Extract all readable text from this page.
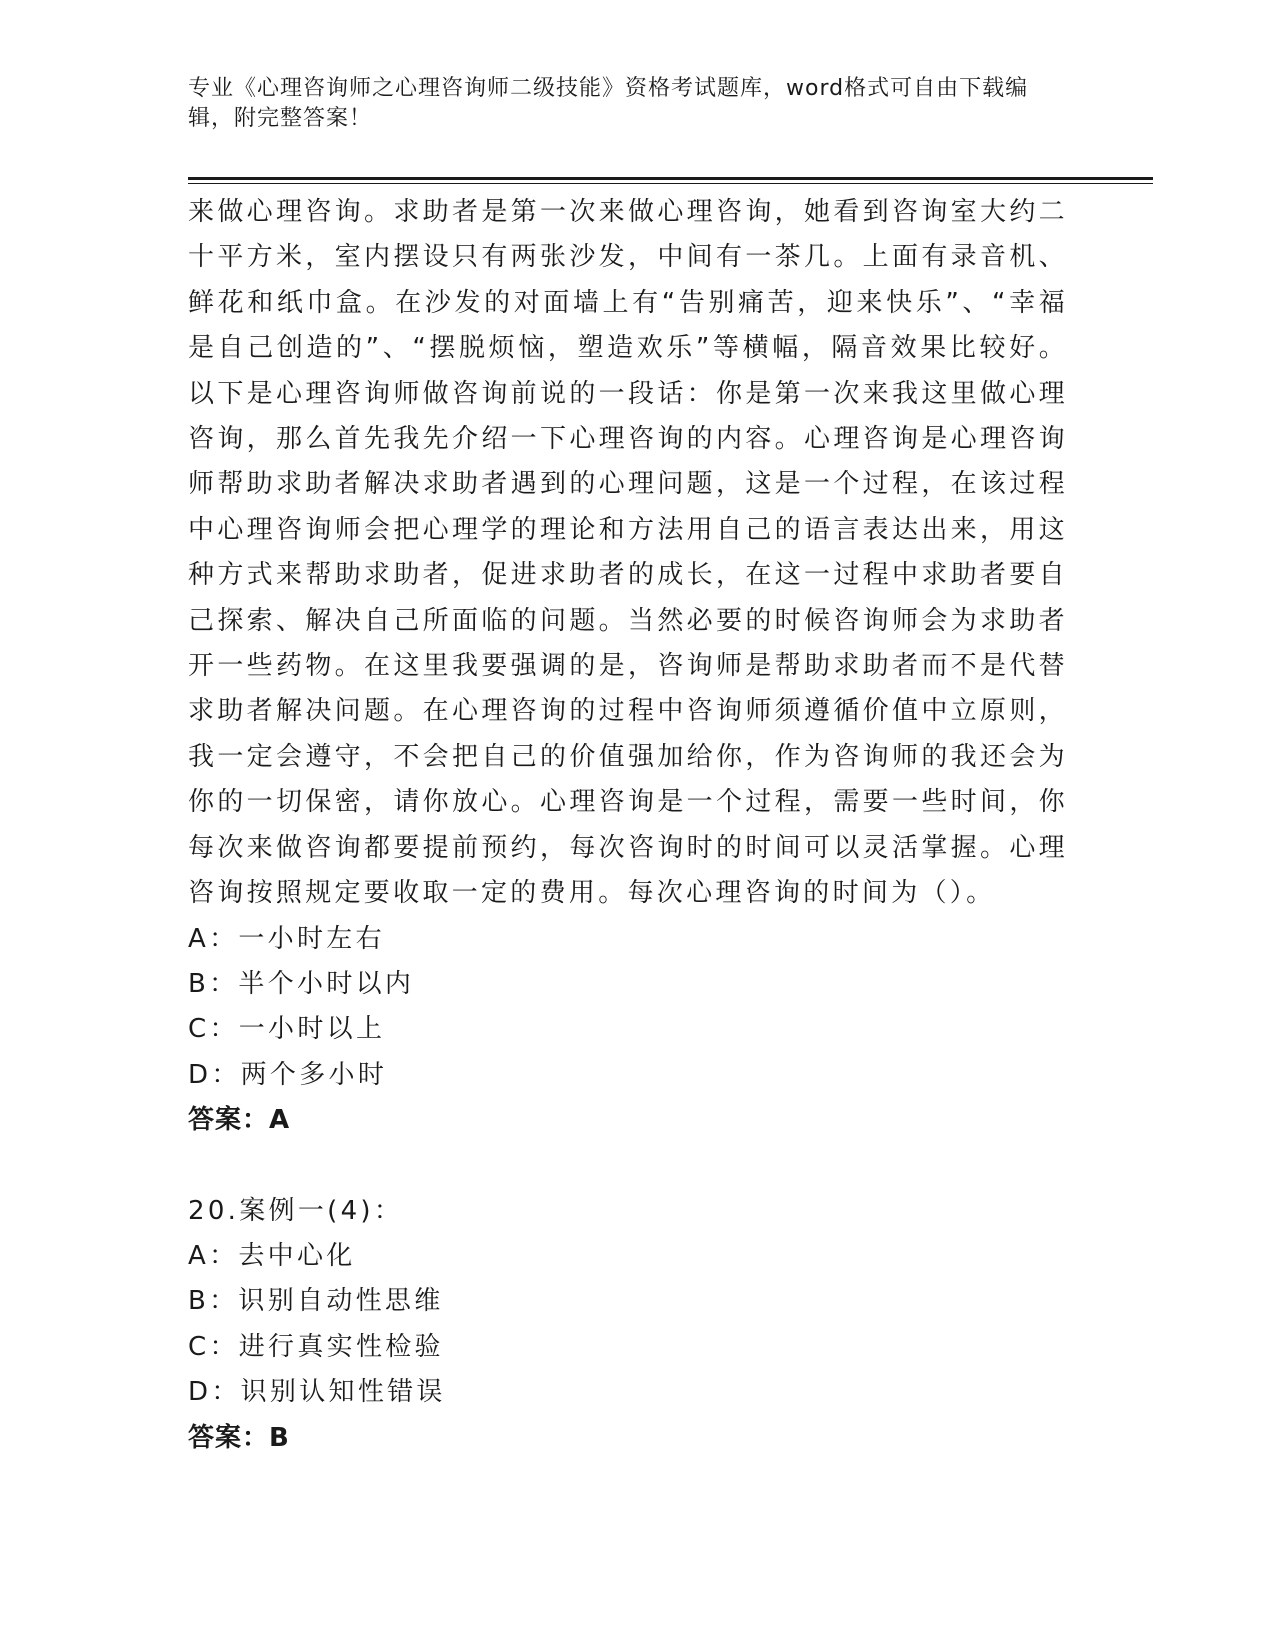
专业《心理咨询师之心理咨询师二级技能》资格考试题库，word格式可自由下载编辑，附完整答案！

来做心理咨询。求助者是第一次来做心理咨询，她看到咨询室大约二十平方米，室内摆设只有两张沙发，中间有一茶几。上面有录音机、鲜花和纸巾盒。在沙发的对面墙上有“告别痛苦，迎来快乐”、“幸福是自己创造的”、“摆脱烦恼，塑造欢乐”等横幅，隔音效果比较好。以下是心理咨询师做咨询前说的一段话：你是第一次来我这里做心理咨询，那么首先我先介绍一下心理咨询的内容。心理咨询是心理咨询师帮助求助者解决求助者遇到的心理问题，这是一个过程，在该过程中心理咨询师会把心理学的理论和方法用自己的语言表达出来，用这种方式来帮助求助者，促进求助者的成长，在这一过程中求助者要自己探索、解决自己所面临的问题。当然必要的时候咨询师会为求助者开一些药物。在这里我要强调的是，咨询师是帮助求助者而不是代替求助者解决问题。在心理咨询的过程中咨询师须遵循价值中立原则，我一定会遵守，不会把自己的价值强加给你，作为咨询师的我还会为你的一切保密，请你放心。心理咨询是一个过程，需要一些时间，你每次来做咨询都要提前预约，每次咨询时的时间可以灵活掌握。心理咨询按照规定要收取一定的费用。每次心理咨询的时间为（）。

A：一小时左右

B：半个小时以内

C：一小时以上

D：两个多小时

答案：A

20.案例一(4)：

A：去中心化

B：识别自动性思维

C：进行真实性检验

D：识别认知性错误

答案：B
